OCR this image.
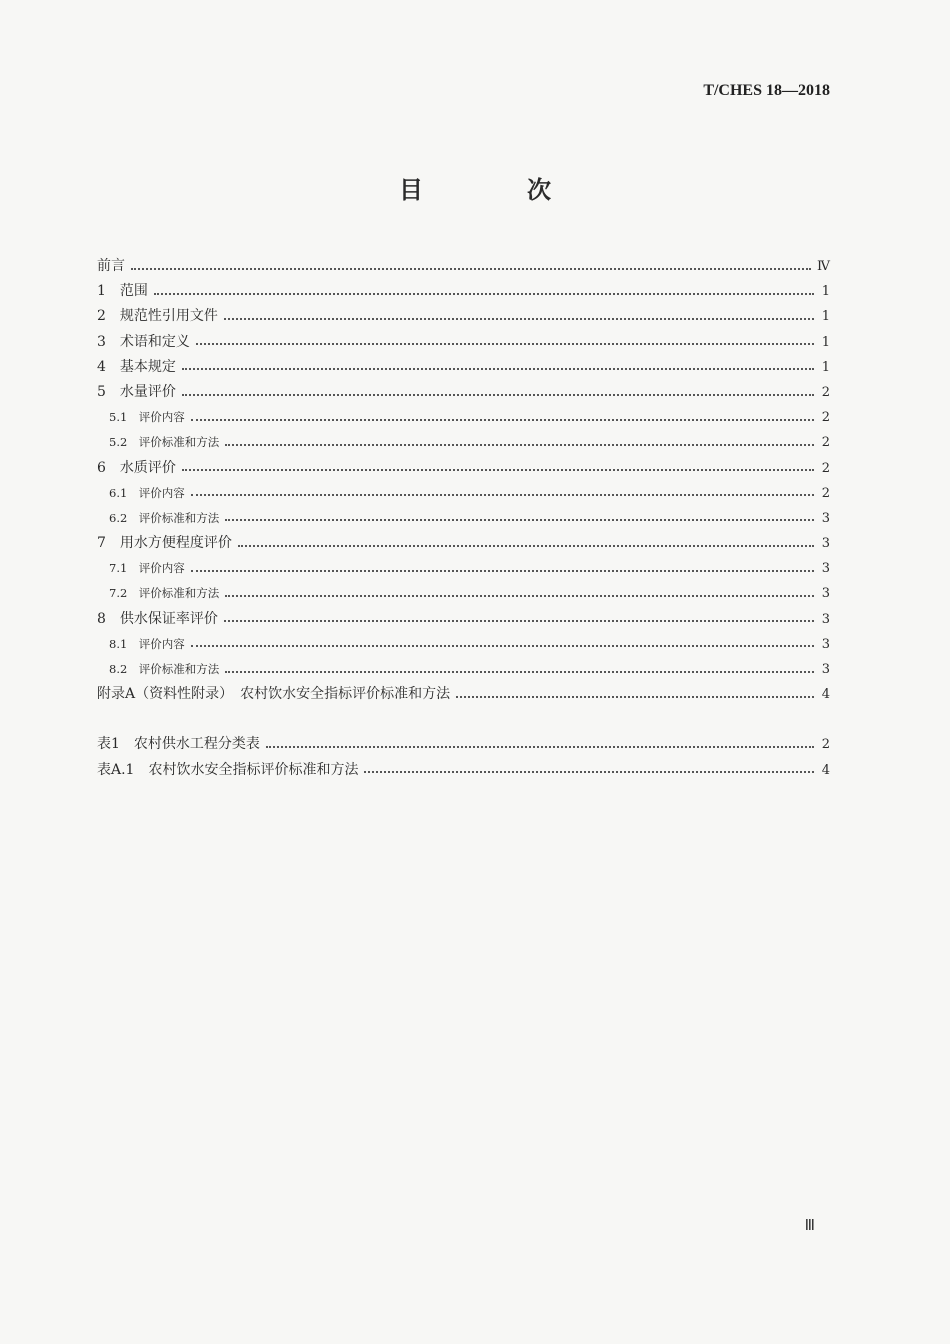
T/CHES 18—2018
目　次
前言	Ⅳ
1　范围	1
2　规范性引用文件	1
3　术语和定义	1
4　基本规定	1
5　水量评价	2
5.1　评价内容	2
5.2　评价标准和方法	2
6　水质评价	2
6.1　评价内容	2
6.2　评价标准和方法	3
7　用水方便程度评价	3
7.1　评价内容	3
7.2　评价标准和方法	3
8　供水保证率评价	3
8.1　评价内容	3
8.2　评价标准和方法	3
附录A（资料性附录）　农村饮水安全指标评价标准和方法	4
表1　农村供水工程分类表	2
表A.1　农村饮水安全指标评价标准和方法	4
Ⅲ
